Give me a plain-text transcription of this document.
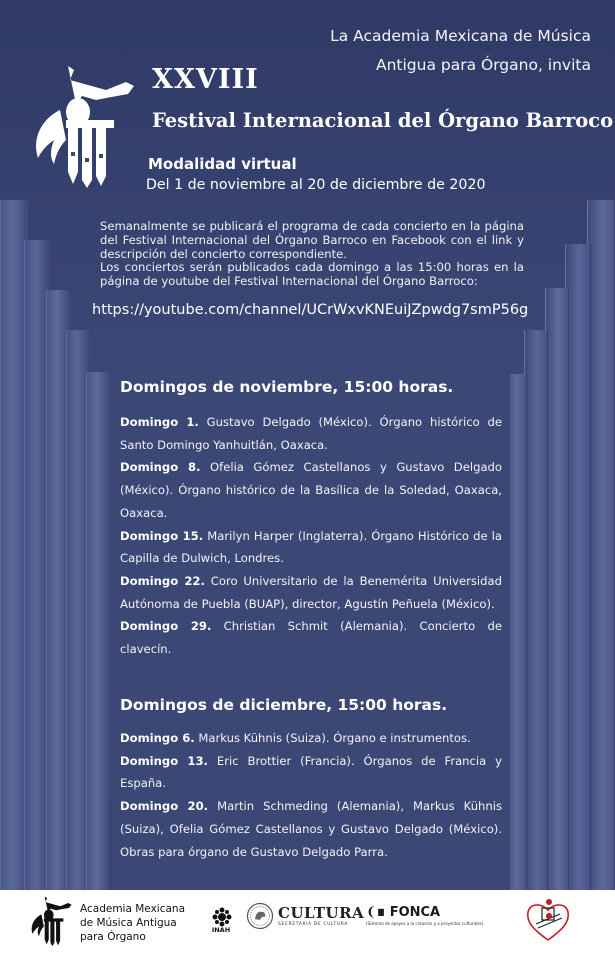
La Academia Mexicana de Música
Antigua para Órgano, invita
XXVIII
Festival Internacional del Órgano Barroco
Modalidad virtual
Del 1 de noviembre al 20 de diciembre de 2020

Semanalmente se publicará el programa de cada concierto en la página del Festival Internacional del Órgano Barroco en Facebook con el link y descripción del concierto correspondiente.

Los conciertos serán publicados cada domingo a las 15:00 horas en la página de youtube del Festival Internacional del Órgano Barroco:

https://youtube.com/channel/UCrWxvKNEuiJZpwdg7smP56g
Domingos de noviembre, 15:00 horas.
Domingo 1. Gustavo Delgado (México). Órgano histórico de Santo Domingo Yanhuitlán, Oaxaca.
Domingo 8. Ofelia Gómez Castellanos y Gustavo Delgado (México). Órgano histórico de la Basílica de la Soledad, Oaxaca, Oaxaca.
Domingo 15. Marilyn Harper (Inglaterra). Órgano Histórico de la Capilla de Dulwich, Londres.
Domingo 22. Coro Universitario de la Benemérita Universidad Autónoma de Puebla (BUAP), director, Agustín Peñuela (México).
Domingo 29. Christian Schmit (Alemania). Concierto de clavecín.
Domingos de diciembre, 15:00 horas.
Domingo 6. Markus Kühnis (Suiza). Órgano e instrumentos.
Domingo 13. Eric Brottier (Francia). Órganos de Francia y España.
Domingo 20. Martin Schmeding (Alemania), Markus Kühnis (Suiza), Ofelia Gómez Castellanos y Gustavo Delgado (México). Obras para órgano de Gustavo Delgado Parra.
Academia Mexicana
de Música Antigua
para Órgano
INAH
CULTURA
SECRETARÍA DE CULTURA
❨∎ FONCA
(Sistema de apoyos a la creación y a proyectos culturales)
